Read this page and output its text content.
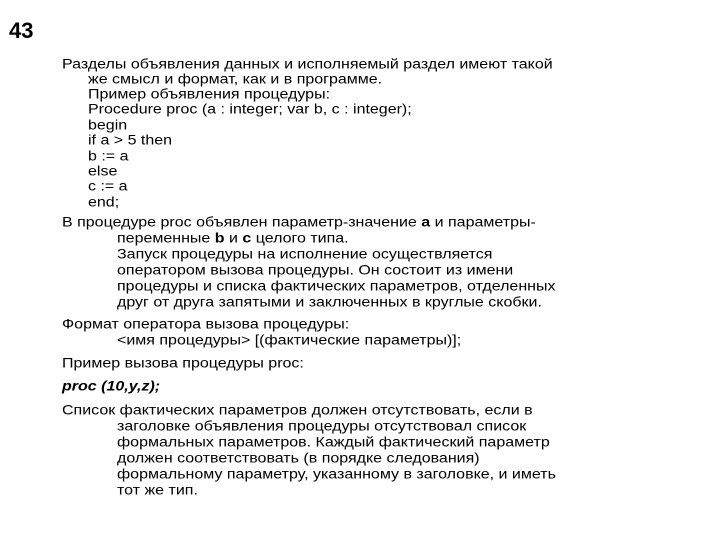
43
Разделы объявления данных и исполняемый раздел имеют такой
же смысл и формат, как и в программе.
Пример объявления процедуры:
Procedure proc (a : integer; var b, c : integer);
begin
if a > 5 then
b := a
else
c := a
end;
В процедуре proc объявлен параметр-значение a и параметры-
переменные b и c целого типа.
Запуск процедуры на исполнение осуществляется
оператором вызова процедуры. Он состоит из имени
процедуры и списка фактических параметров, отделенных
друг от друга запятыми и заключенных в круглые скобки.
Формат оператора вызова процедуры:
<имя процедуры> [(фактические параметры)];
Пример вызова процедуры proc:
proc (10,y,z);
Список фактических параметров должен отсутствовать, если в
заголовке объявления процедуры отсутствовал список
формальных параметров. Каждый фактический параметр
должен соответствовать (в порядке следования)
формальному параметру, указанному в заголовке, и иметь
тот же тип.
